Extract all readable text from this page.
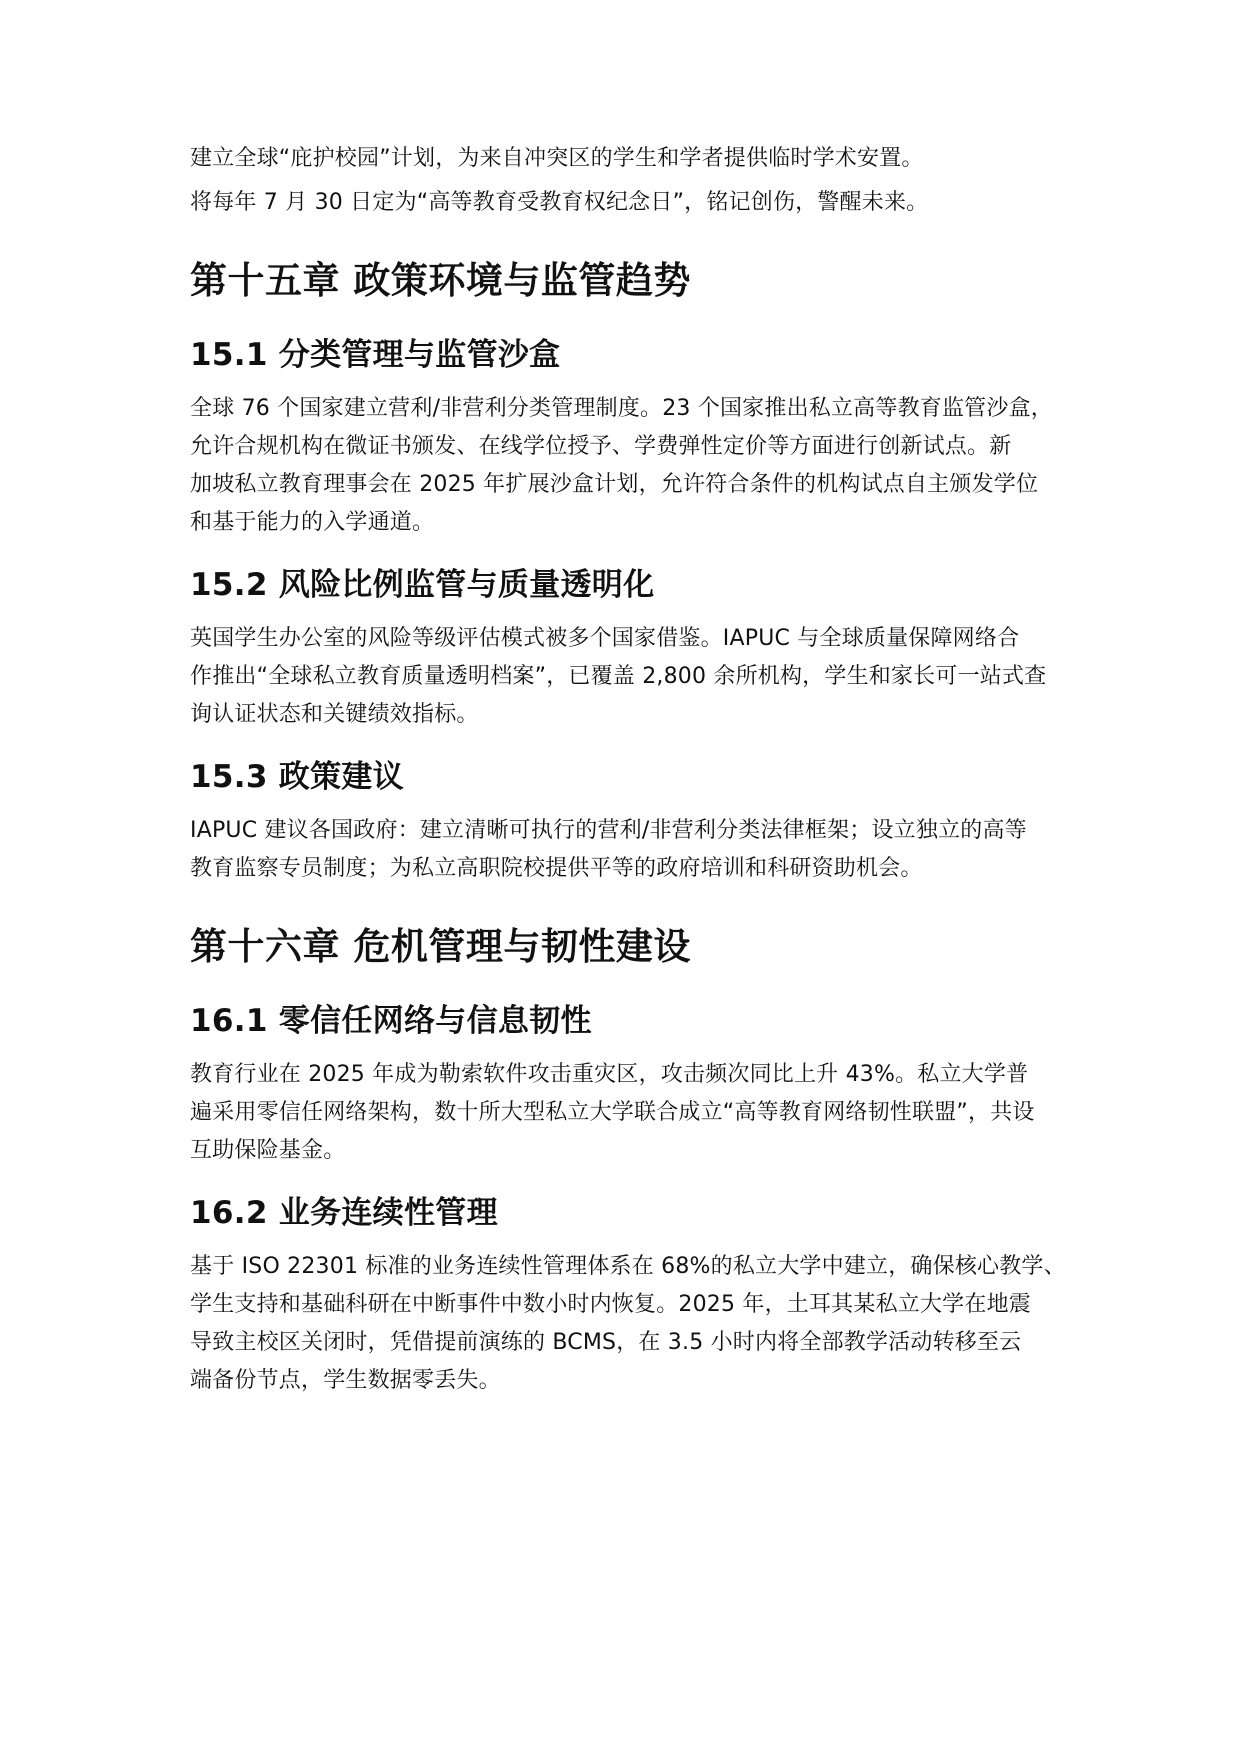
建立全球“庇护校园”计划，为来自冲突区的学生和学者提供临时学术安置。

将每年 7 月 30 日定为“高等教育受教育权纪念日”，铭记创伤，警醒未来。

第十五章 政策环境与监管趋势
15.1 分类管理与监管沙盒
全球 76 个国家建立营利/非营利分类管理制度。23 个国家推出私立高等教育监管沙盒，
允许合规机构在微证书颁发、在线学位授予、学费弹性定价等方面进行创新试点。新
加坡私立教育理事会在 2025 年扩展沙盒计划，允许符合条件的机构试点自主颁发学位
和基于能力的入学通道。
15.2 风险比例监管与质量透明化
英国学生办公室的风险等级评估模式被多个国家借鉴。IAPUC 与全球质量保障网络合
作推出“全球私立教育质量透明档案”，已覆盖 2,800 余所机构，学生和家长可一站式查
询认证状态和关键绩效指标。
15.3 政策建议
IAPUC 建议各国政府：建立清晰可执行的营利/非营利分类法律框架；设立独立的高等
教育监察专员制度；为私立高职院校提供平等的政府培训和科研资助机会。
第十六章 危机管理与韧性建设
16.1 零信任网络与信息韧性
教育行业在 2025 年成为勒索软件攻击重灾区，攻击频次同比上升 43%。私立大学普
遍采用零信任网络架构，数十所大型私立大学联合成立“高等教育网络韧性联盟”，共设
互助保险基金。
16.2 业务连续性管理
基于 ISO 22301 标准的业务连续性管理体系在 68%的私立大学中建立，确保核心教学、
学生支持和基础科研在中断事件中数小时内恢复。2025 年，土耳其某私立大学在地震
导致主校区关闭时，凭借提前演练的 BCMS，在 3.5 小时内将全部教学活动转移至云
端备份节点，学生数据零丢失。
